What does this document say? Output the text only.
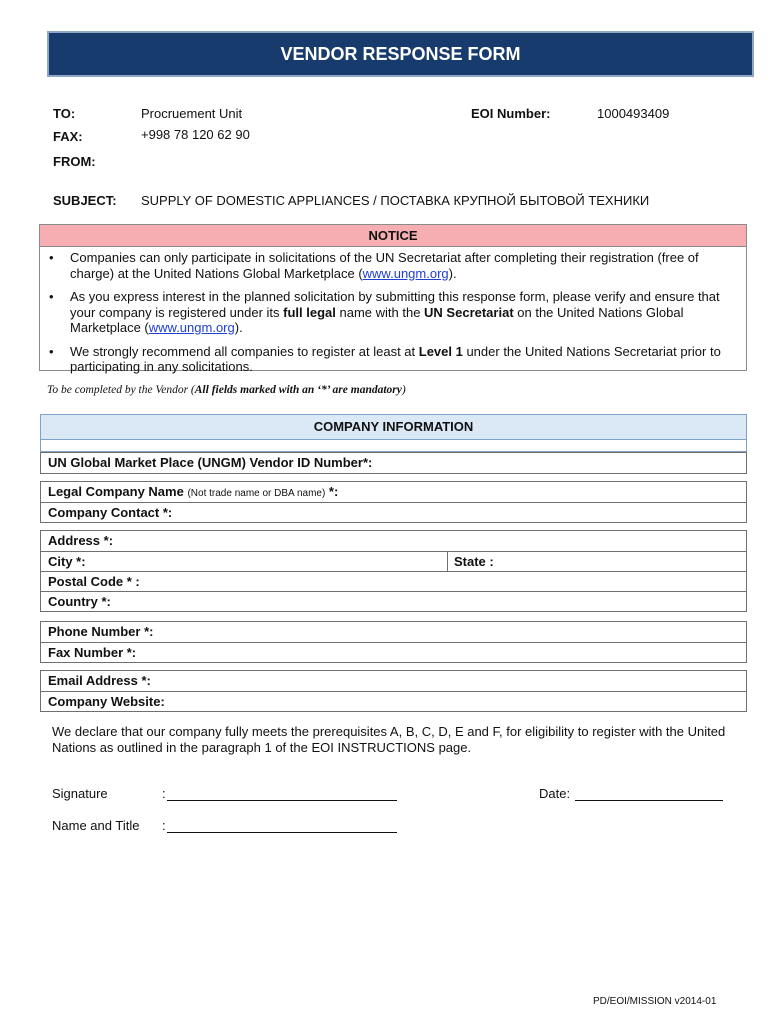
VENDOR RESPONSE FORM
TO:	Procruement Unit	EOI Number:	1000493409
FAX:	+998 78 120 62 90
FROM:
SUBJECT: SUPPLY OF DOMESTIC APPLIANCES / ПОСТАВКА КРУПНОЙ БЫТОВОЙ ТЕХНИКИ
NOTICE
• Companies can only participate in solicitations of the UN Secretariat after completing their registration (free of charge) at the United Nations Global Marketplace (www.ungm.org).
• As you express interest in the planned solicitation by submitting this response form, please verify and ensure that your company is registered under its full legal name with the UN Secretariat on the United Nations Global Marketplace (www.ungm.org).
• We strongly recommend all companies to register at least at Level 1 under the United Nations Secretariat prior to participating in any solicitations.
To be completed by the Vendor (All fields marked with an ‘*’ are mandatory)
COMPANY INFORMATION
UN Global Market Place (UNGM) Vendor ID Number*:
Legal Company Name (Not trade name or DBA name) *:
Company Contact *:
Address *:
City *:	State :
Postal Code * :
Country *:
Phone Number *:
Fax Number *:
Email Address *:
Company Website:
We declare that our company fully meets the prerequisites A, B, C, D, E and F, for eligibility to register with the United Nations as outlined in the paragraph 1 of the EOI INSTRUCTIONS page.
Signature	:	Date:
Name and Title :
PD/EOI/MISSION v2014-01
